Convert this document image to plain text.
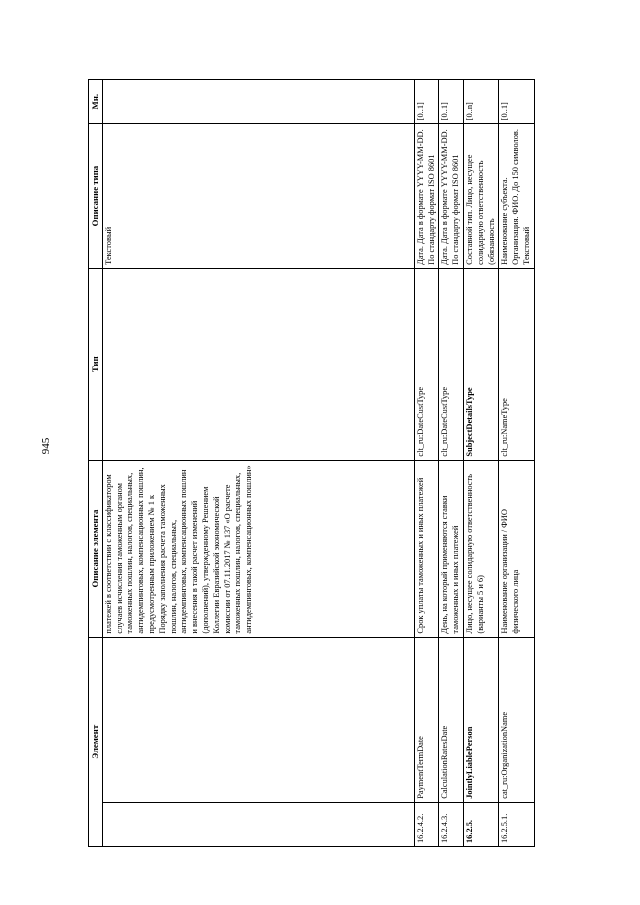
945
Элемент		Описание элемента	Тип	Описание типа	Мн.
		платежей в соответствии с классификатором случаев исчисления таможенным органом таможенных пошлин, налогов, специальных, антидемпинговых, компенсационных пошлин, предусмотренным приложением № 1 к Порядку заполнения расчета таможенных пошлин, налогов, специальных, антидемпинговых, компенсационных пошлин и внесения в такой расчет изменений (дополнений), утвержденному Решением Коллегии Евразийской экономической комиссии от 07.11.2017 № 137 «О расчете таможенных пошлин, налогов, специальных, антидемпинговых, компенсационных пошлин»		Текстовый	
16.2.4.2.	PaymentTermDate	Срок уплаты таможенных и иных платежей	clt_ru:DateCustType	Дата. Дата в формате YYYY-MM-DD. По стандарту формат ISO 8601	[0..1]
16.2.4.3.	CalculationRatesDate	День, на который применяются ставки таможенных и иных платежей	clt_ru:DateCustType	Дата. Дата в формате YYYY-MM-DD. По стандарту формат ISO 8601	[0..1]
16.2.5.	JointlyLiablePerson	Лицо, несущее солидарную ответственность (варианты 5 и 6)	SubjectDetailsType	Составной тип. Лицо, несущее солидарную ответственность (обязанность	[0..n]
16.2.5.1.	cat_ru:OrganizationName	Наименование организации / ФИО физического лица	clt_ru:NameType	Наименование субъекта. Организация. ФИО. До 150 символов. Текстовый	[0..1]
